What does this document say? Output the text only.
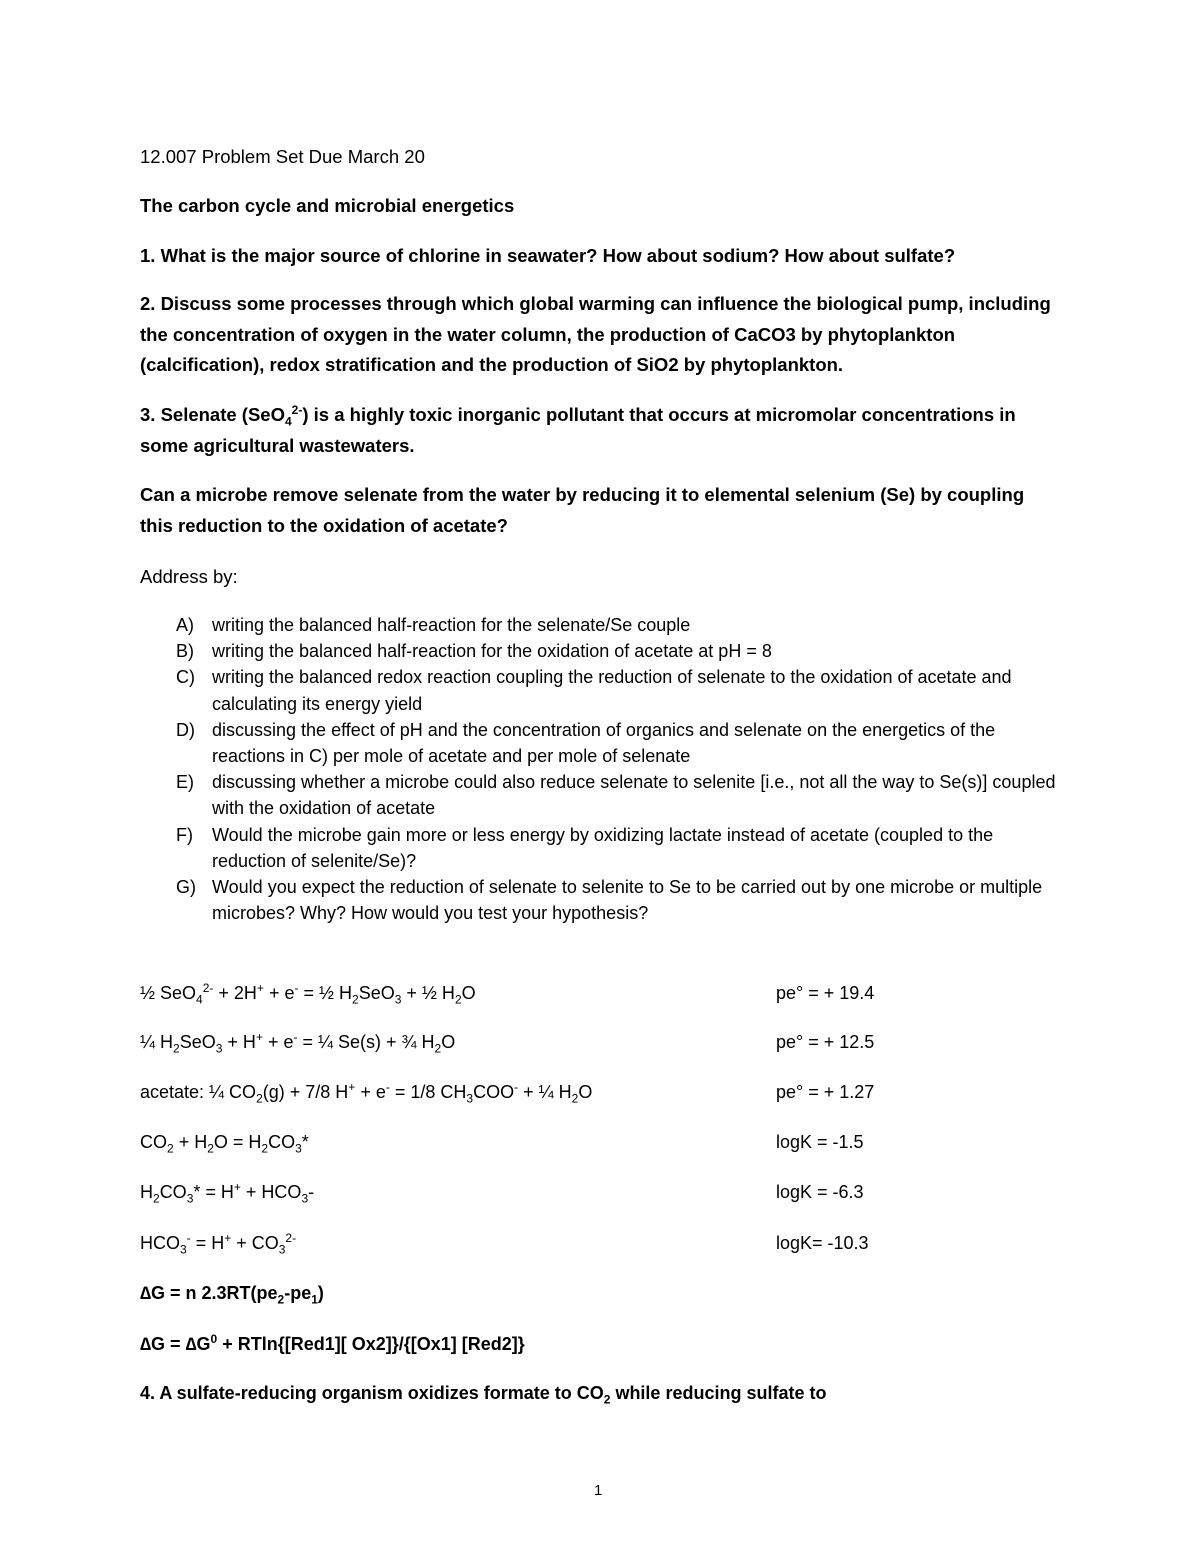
12.007 Problem Set Due March 20
The carbon cycle and microbial energetics
1. What is the major source of chlorine in seawater? How about sodium? How about sulfate?
2. Discuss some processes through which global warming can influence the biological pump, including the concentration of oxygen in the water column, the production of CaCO3 by phytoplankton (calcification), redox stratification and the production of SiO2 by phytoplankton.
3. Selenate (SeO$_4^{2-}$) is a highly toxic inorganic pollutant that occurs at micromolar concentrations in some agricultural wastewaters.
Can a microbe remove selenate from the water by reducing it to elemental selenium (Se) by coupling this reduction to the oxidation of acetate?
Address by:
A) writing the balanced half-reaction for the selenate/Se couple
B) writing the balanced half-reaction for the oxidation of acetate at pH = 8
C) writing the balanced redox reaction coupling the reduction of selenate to the oxidation of acetate and calculating its energy yield
D) discussing the effect of pH and the concentration of organics and selenate on the energetics of the reactions in C) per mole of acetate and per mole of selenate
E) discussing whether a microbe could also reduce selenate to selenite [i.e., not all the way to Se(s)] coupled with the oxidation of acetate
F) Would the microbe gain more or less energy by oxidizing lactate instead of acetate (coupled to the reduction of selenite/Se)?
G) Would you expect the reduction of selenate to selenite to Se to be carried out by one microbe or multiple microbes? Why? How would you test your hypothesis?
½ SeO$_4^{2-}$ + 2H+ + e- = ½ $H_2SeO_3$ + ½ $H_2O$	pe° = + 19.4
¼ $H_2SeO_3 + H^+ + e^-$ = ¼ Se(s) + ¾ $H_2O$	pe° = + 12.5
acetate: ¼ $CO_2(g) + 7/8$ H+ + e- = 1/8 $CH_3COO^-$ + ¼ $H_2O$	pe° = + 1.27
$CO_2 + H_2O = H_2CO_3*$	logK = -1.5
$H_2CO_3* = H^+ + HCO_3-$	logK = -6.3
$HCO_3^- = H^+ + CO_3^{2-}$	logK= -10.3
∆G = n $2.3RT(pe_2-pe_1)$
$\Delta G = \Delta G^0 + RTln\{[Red1]$[ Ox2]}/{[Ox1] [Red2]}
4. A sulfate-reducing organism oxidizes formate to $CO_2$ while reducing sulfate to
1
